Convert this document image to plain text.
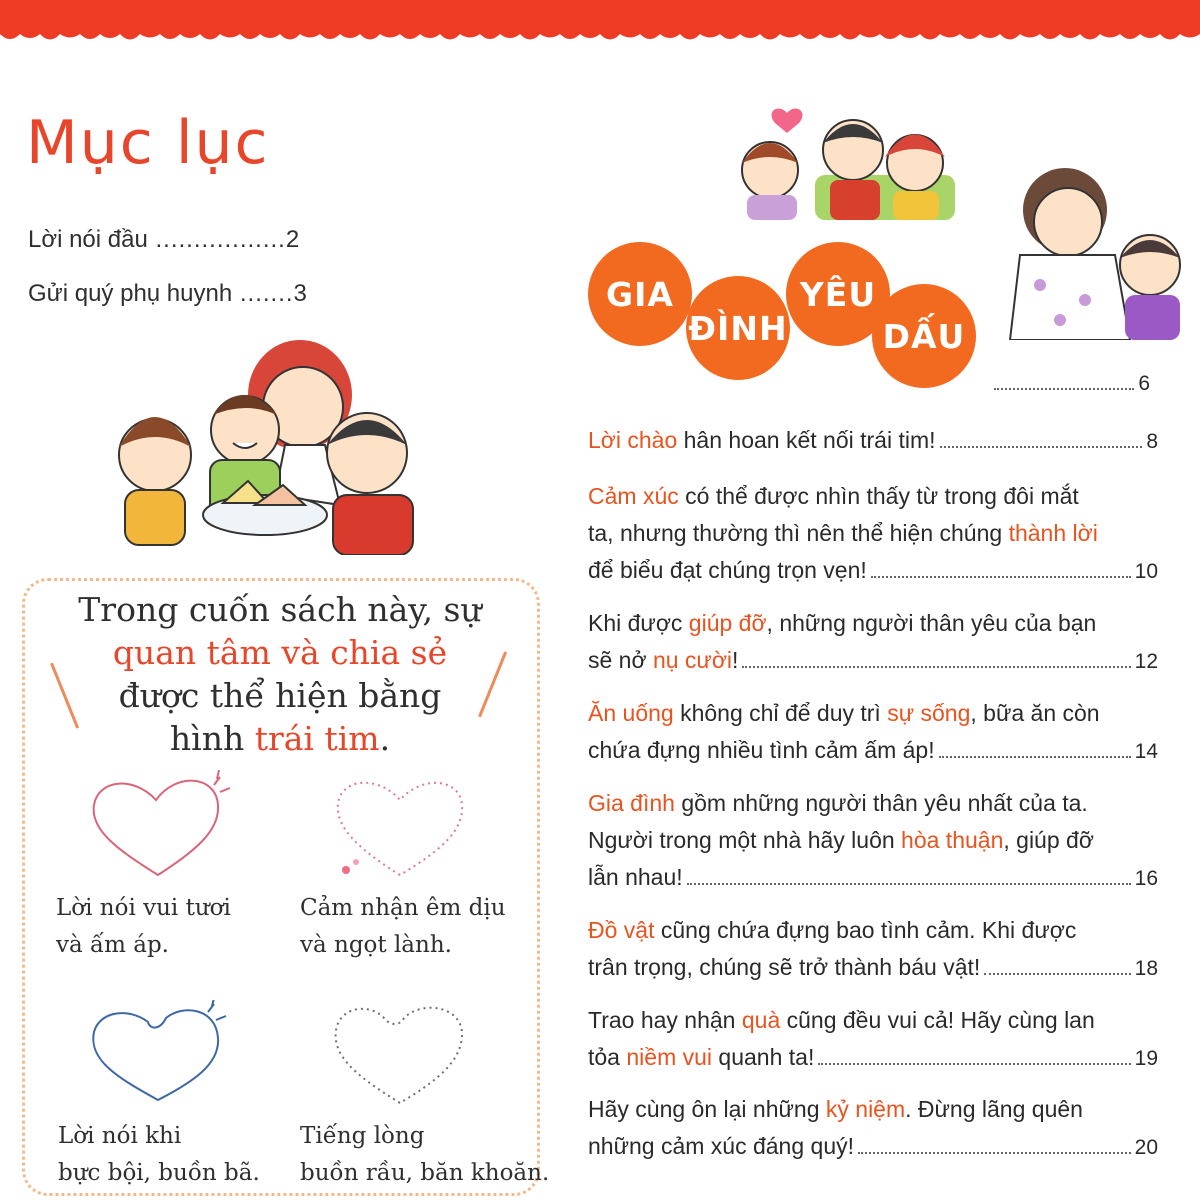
Mục lục
Lời nói đầu .................2
Gửi quý phụ huynh .......3
Trong cuốn sách này, sự
quan tâm và chia sẻ
được thể hiện bằng
hình trái tim.
Lời nói vui tươi
và ấm áp.
Cảm nhận êm dịu
và ngọt lành.
Lời nói khi
bực bội, buồn bã.
Tiếng lòng
buồn rầu, băn khoăn.
GIA
ĐÌNH
YÊU
DẤU
6
Lời chào hân hoan kết nối trái tim!	8
Cảm xúc có thể được nhìn thấy từ trong đôi mắt
ta, nhưng thường thì nên thể hiện chúng thành lời
để biểu đạt chúng trọn vẹn!	10
Khi được giúp đỡ, những người thân yêu của bạn
sẽ nở nụ cười!	12
Ăn uống không chỉ để duy trì sự sống, bữa ăn còn
chứa đựng nhiều tình cảm ấm áp!	14
Gia đình gồm những người thân yêu nhất của ta.
Người trong một nhà hãy luôn hòa thuận, giúp đỡ
lẫn nhau!	16
Đồ vật cũng chứa đựng bao tình cảm. Khi được
trân trọng, chúng sẽ trở thành báu vật!	18
Trao hay nhận quà cũng đều vui cả! Hãy cùng lan
tỏa niềm vui quanh ta!	19
Hãy cùng ôn lại những kỷ niệm. Đừng lãng quên
những cảm xúc đáng quý!	20
